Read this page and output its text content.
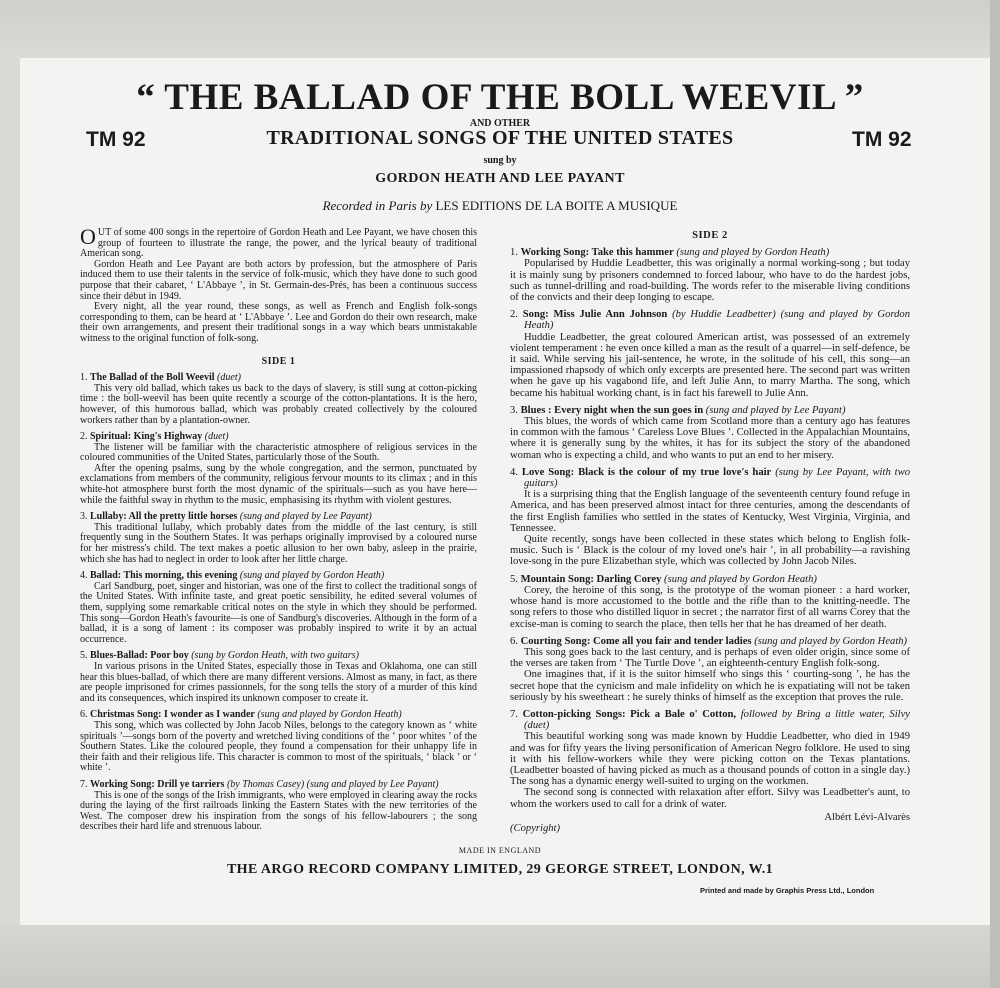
TM 92	TM 92
“ THE BALLAD OF THE BOLL WEEVIL ”
AND OTHER
TRADITIONAL SONGS OF THE UNITED STATES
sung by
GORDON HEATH AND LEE PAYANT
Recorded in Paris by LES EDITIONS DE LA BOITE A MUSIQUE

OUT of some 400 songs in the repertoire of Gordon Heath and Lee Payant, we have chosen this group of fourteen to illustrate the range, the power, and the lyrical beauty of traditional American song.

Gordon Heath and Lee Payant are both actors by profession, but the atmosphere of Paris induced them to use their talents in the service of folk-music, which they have done to such good purpose that their cabaret, ‘ L'Abbaye ’, in St. Germain-des-Prés, has been a continuous success since their début in 1949.

Every night, all the year round, these songs, as well as French and English folk-songs corresponding to them, can be heard at ‘ L'Abbaye ’. Lee and Gordon do their own research, make their own arrangements, and present their traditional songs in a way which bears unmistakable witness to the original function of folk-song.

SIDE 1

1. The Ballad of the Boll Weevil (duet)

This very old ballad, which takes us back to the days of slavery, is still sung at cotton-picking time : the boll-weevil has been quite recently a scourge of the cotton-plantations. It is the hero, however, of this humorous ballad, which was probably created collectively by the coloured workers rather than by a plantation-owner.

2. Spiritual: King's Highway (duet)

The listener will be familiar with the characteristic atmosphere of religious services in the coloured communities of the United States, particularly those of the South.

After the opening psalms, sung by the whole congregation, and the sermon, punctuated by exclamations from members of the community, religious fervour mounts to its climax ; and in this white-hot atmosphere burst forth the most dynamic of the spirituals—such as you have here—while the faithful sway in rhythm to the music, emphasising its rhythm with violent gestures.

3. Lullaby: All the pretty little horses (sung and played by Lee Payant)

This traditional lullaby, which probably dates from the middle of the last century, is still frequently sung in the Southern States. It was perhaps originally improvised by a coloured nurse for her mistress's child. The text makes a poetic allusion to her own baby, asleep in the prairie, which she has had to neglect in order to look after her little charge.

4. Ballad: This morning, this evening (sung and played by Gordon Heath)

Carl Sandburg, poet, singer and historian, was one of the first to collect the traditional songs of the United States. With infinite taste, and great poetic sensibility, he edited several volumes of them, supplying some remarkable critical notes on the style in which they should be performed. This song—Gordon Heath's favourite—is one of Sandburg's discoveries. Although in the form of a ballad, it is a song of lament : its composer was probably inspired to write it by an actual occurrence.

5. Blues-Ballad: Poor boy (sung by Gordon Heath, with two guitars)

In various prisons in the United States, especially those in Texas and Oklahoma, one can still hear this blues-ballad, of which there are many different versions. Almost as many, in fact, as there are people imprisoned for crimes passionnels, for the song tells the story of a murder of this kind and its consequences, which inspired its unknown composer to create it.

6. Christmas Song: I wonder as I wander (sung and played by Gordon Heath)

This song, which was collected by John Jacob Niles, belongs to the category known as ‘ white spirituals ’—songs born of the poverty and wretched living conditions of the ‘ poor whites ’ of the Southern States. Like the coloured people, they found a compensation for their unhappy life in their faith and their religious life. This character is common to most of the spirituals, ‘ black ’ or ‘ white ’.

7. Working Song: Drill ye tarriers (by Thomas Casey) (sung and played by Lee Payant)

This is one of the songs of the Irish immigrants, who were employed in clearing away the rocks during the laying of the first railroads linking the Eastern States with the new territories of the West. The composer drew his inspiration from the songs of his fellow-labourers ; the song describes their hard life and strenuous labour.

SIDE 2

1. Working Song: Take this hammer (sung and played by Gordon Heath)

Popularised by Huddie Leadbetter, this was originally a normal working-song ; but today it is mainly sung by prisoners condemned to forced labour, who have to do the hardest jobs, such as tunnel-drilling and road-building. The words refer to the miserable living conditions of the convicts and their deep longing to escape.

2. Song: Miss Julie Ann Johnson (by Huddie Leadbetter) (sung and played by Gordon Heath)

Huddie Leadbetter, the great coloured American artist, was possessed of an extremely violent temperament : he even once killed a man as the result of a quarrel—in self-defence, be it said. While serving his jail-sentence, he wrote, in the solitude of his cell, this song—an impassioned rhapsody of which only excerpts are presented here. The second part was written when he gave up his vagabond life, and left Julie Ann, to marry Martha. The song, which became his habitual working chant, is in fact his farewell to Julie Ann.

3. Blues : Every night when the sun goes in (sung and played by Lee Payant)

This blues, the words of which came from Scotland more than a century ago has features in common with the famous ‘ Careless Love Blues ’. Collected in the Appalachian Mountains, where it is generally sung by the whites, it has for its subject the story of the abandoned woman who is expecting a child, and who wants to put an end to her misery.

4. Love Song: Black is the colour of my true love's hair (sung by Lee Payant, with two guitars)

It is a surprising thing that the English language of the seventeenth century found refuge in America, and has been preserved almost intact for three centuries, among the descendants of the first English families who settled in the states of Kentucky, West Virginia, Virginia, and Tennessee.

Quite recently, songs have been collected in these states which belong to English folk-music. Such is ‘ Black is the colour of my loved one's hair ’, in all probability—a ravishing love-song in the pure Elizabethan style, which was collected by John Jacob Niles.

5. Mountain Song: Darling Corey (sung and played by Gordon Heath)

Corey, the heroine of this song, is the prototype of the woman pioneer : a hard worker, whose hand is more accustomed to the bottle and the rifle than to the knitting-needle. The song refers to those who distilled liquor in secret ; the narrator first of all warns Corey that the excise-man is coming to search the place, then tells her that he has dreamed of her death.

6. Courting Song: Come all you fair and tender ladies (sung and played by Gordon Heath)

This song goes back to the last century, and is perhaps of even older origin, since some of the verses are taken from ‘ The Turtle Dove ’, an eighteenth-century English folk-song.

One imagines that, if it is the suitor himself who sings this ‘ courting-song ’, he has the secret hope that the cynicism and male infidelity on which he is expatiating will not be taken seriously by his sweetheart : he surely thinks of himself as the exception that proves the rule.

7. Cotton-picking Songs: Pick a Bale o' Cotton, followed by Bring a little water, Silvy (duet)

This beautiful working song was made known by Huddie Leadbetter, who died in 1949 and was for fifty years the living personification of American Negro folklore. He used to sing it with his fellow-workers while they were picking cotton on the Texas plantations. (Leadbetter boasted of having picked as much as a thousand pounds of cotton in a single day.) The song has a dynamic energy well-suited to urging on the workmen.

The second song is connected with relaxation after effort. Silvy was Leadbetter's aunt, to whom the workers used to call for a drink of water.

Albért Lévi-Alvarès

(Copyright)

MADE IN ENGLAND
THE ARGO RECORD COMPANY LIMITED, 29 GEORGE STREET, LONDON, W.1
Printed and made by Graphis Press Ltd., London
